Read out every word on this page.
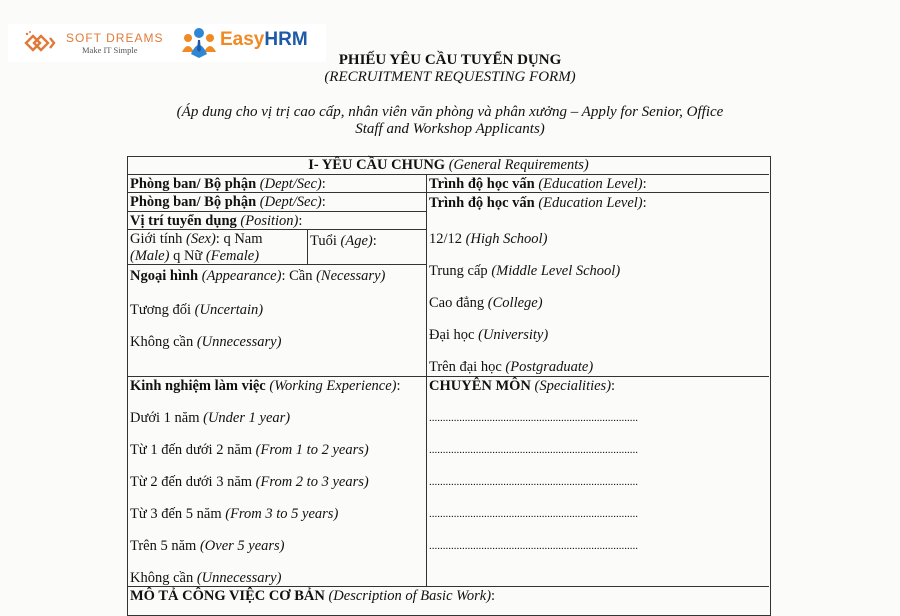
SOFT DREAMS
Make IT Simple	EasyHRM
PHIẾU YÊU CẦU TUYỂN DỤNG
(RECRUITMENT REQUESTING FORM)
(Áp dung cho vị trị cao cấp, nhân viên văn phòng và phân xưởng – Apply for Senior, Office
Staff and Workshop Applicants)
I- YÊU CẦU CHUNG (General Requirements)
Phòng ban/ Bộ phận (Dept/Sec):
Phòng ban/ Bộ phận (Dept/Sec):
Vị trí tuyển dụng (Position):
Giới tính (Sex): q Nam
(Male) q Nữ (Female)
Tuổi (Age):
Ngoại hình (Appearance): Cần (Necessary)
Tương đối (Uncertain)
Không cần (Unnecessary)
Trình độ học vấn (Education Level):
Trình độ học vấn (Education Level):
12/12 (High School)
Trung cấp (Middle Level School)
Cao đẳng (College)
Đại học (University)
Trên đại học (Postgraduate)
Kinh nghiệm làm việc (Working Experience):
Dưới 1 năm (Under 1 year)
Từ 1 đến dưới 2 năm (From 1 to 2 years)
Từ 2 đến dưới 3 năm (From 2 to 3 years)
Từ 3 đến 5 năm (From 3 to 5 years)
Trên 5 năm (Over 5 years)
Không cần (Unnecessary)
CHUYÊN MÔN (Specialities):
............................................................................
............................................................................
............................................................................
............................................................................
............................................................................
MÔ TẢ CÔNG VIỆC CƠ BẢN (Description of Basic Work):
